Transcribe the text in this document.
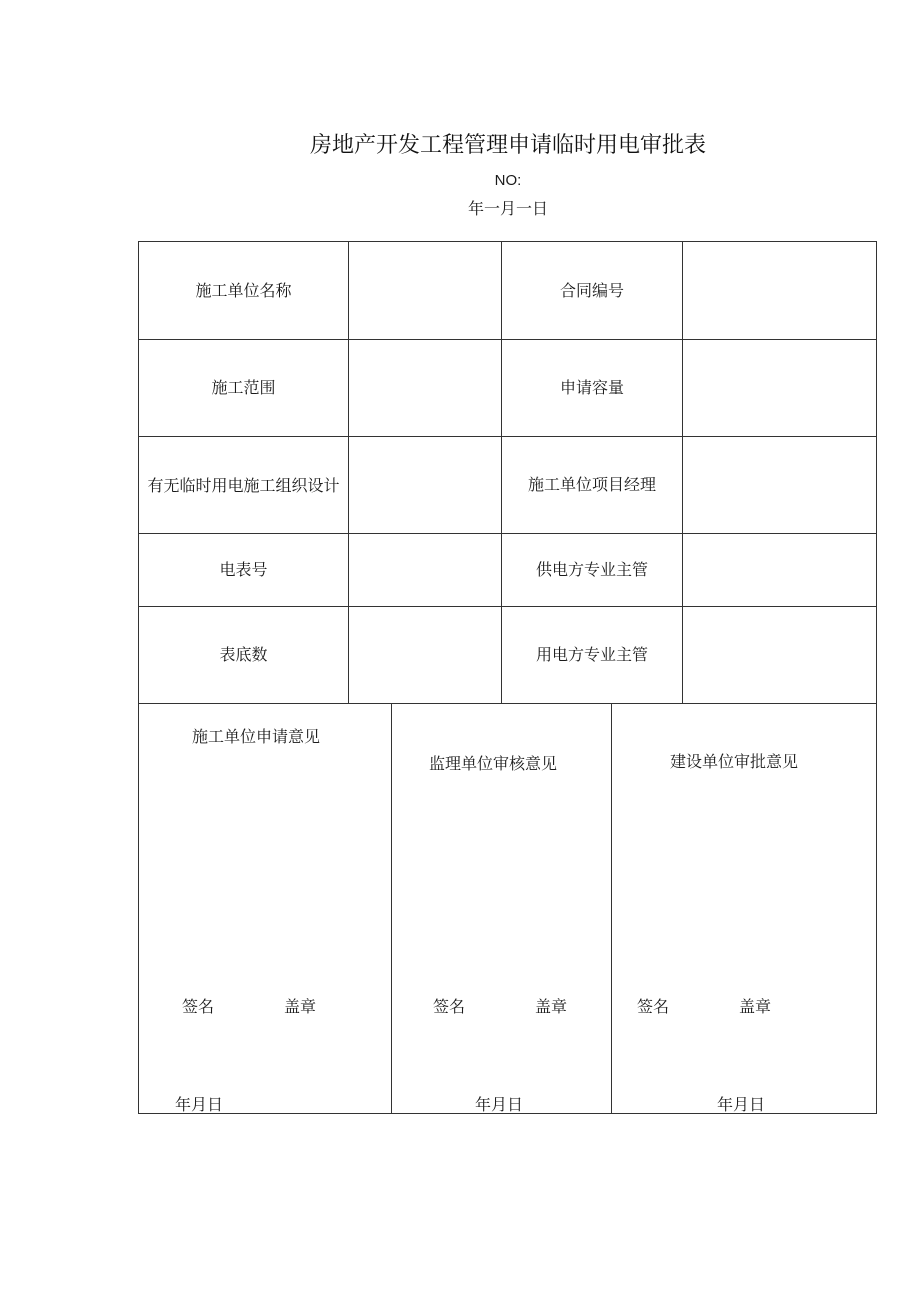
房地产开发工程管理申请临时用电审批表
NO:
年一月一日
施工单位名称	合同编号
施工范围	申请容量
有无临时用电施工组织设计	施工单位项目经理
电表号	供电方专业主管
表底数	用电方专业主管
施工单位申请意见
签名	盖章
年月日
监理单位审核意见
签名	盖章
年月日
建设单位审批意见
签名	盖章
年月日
